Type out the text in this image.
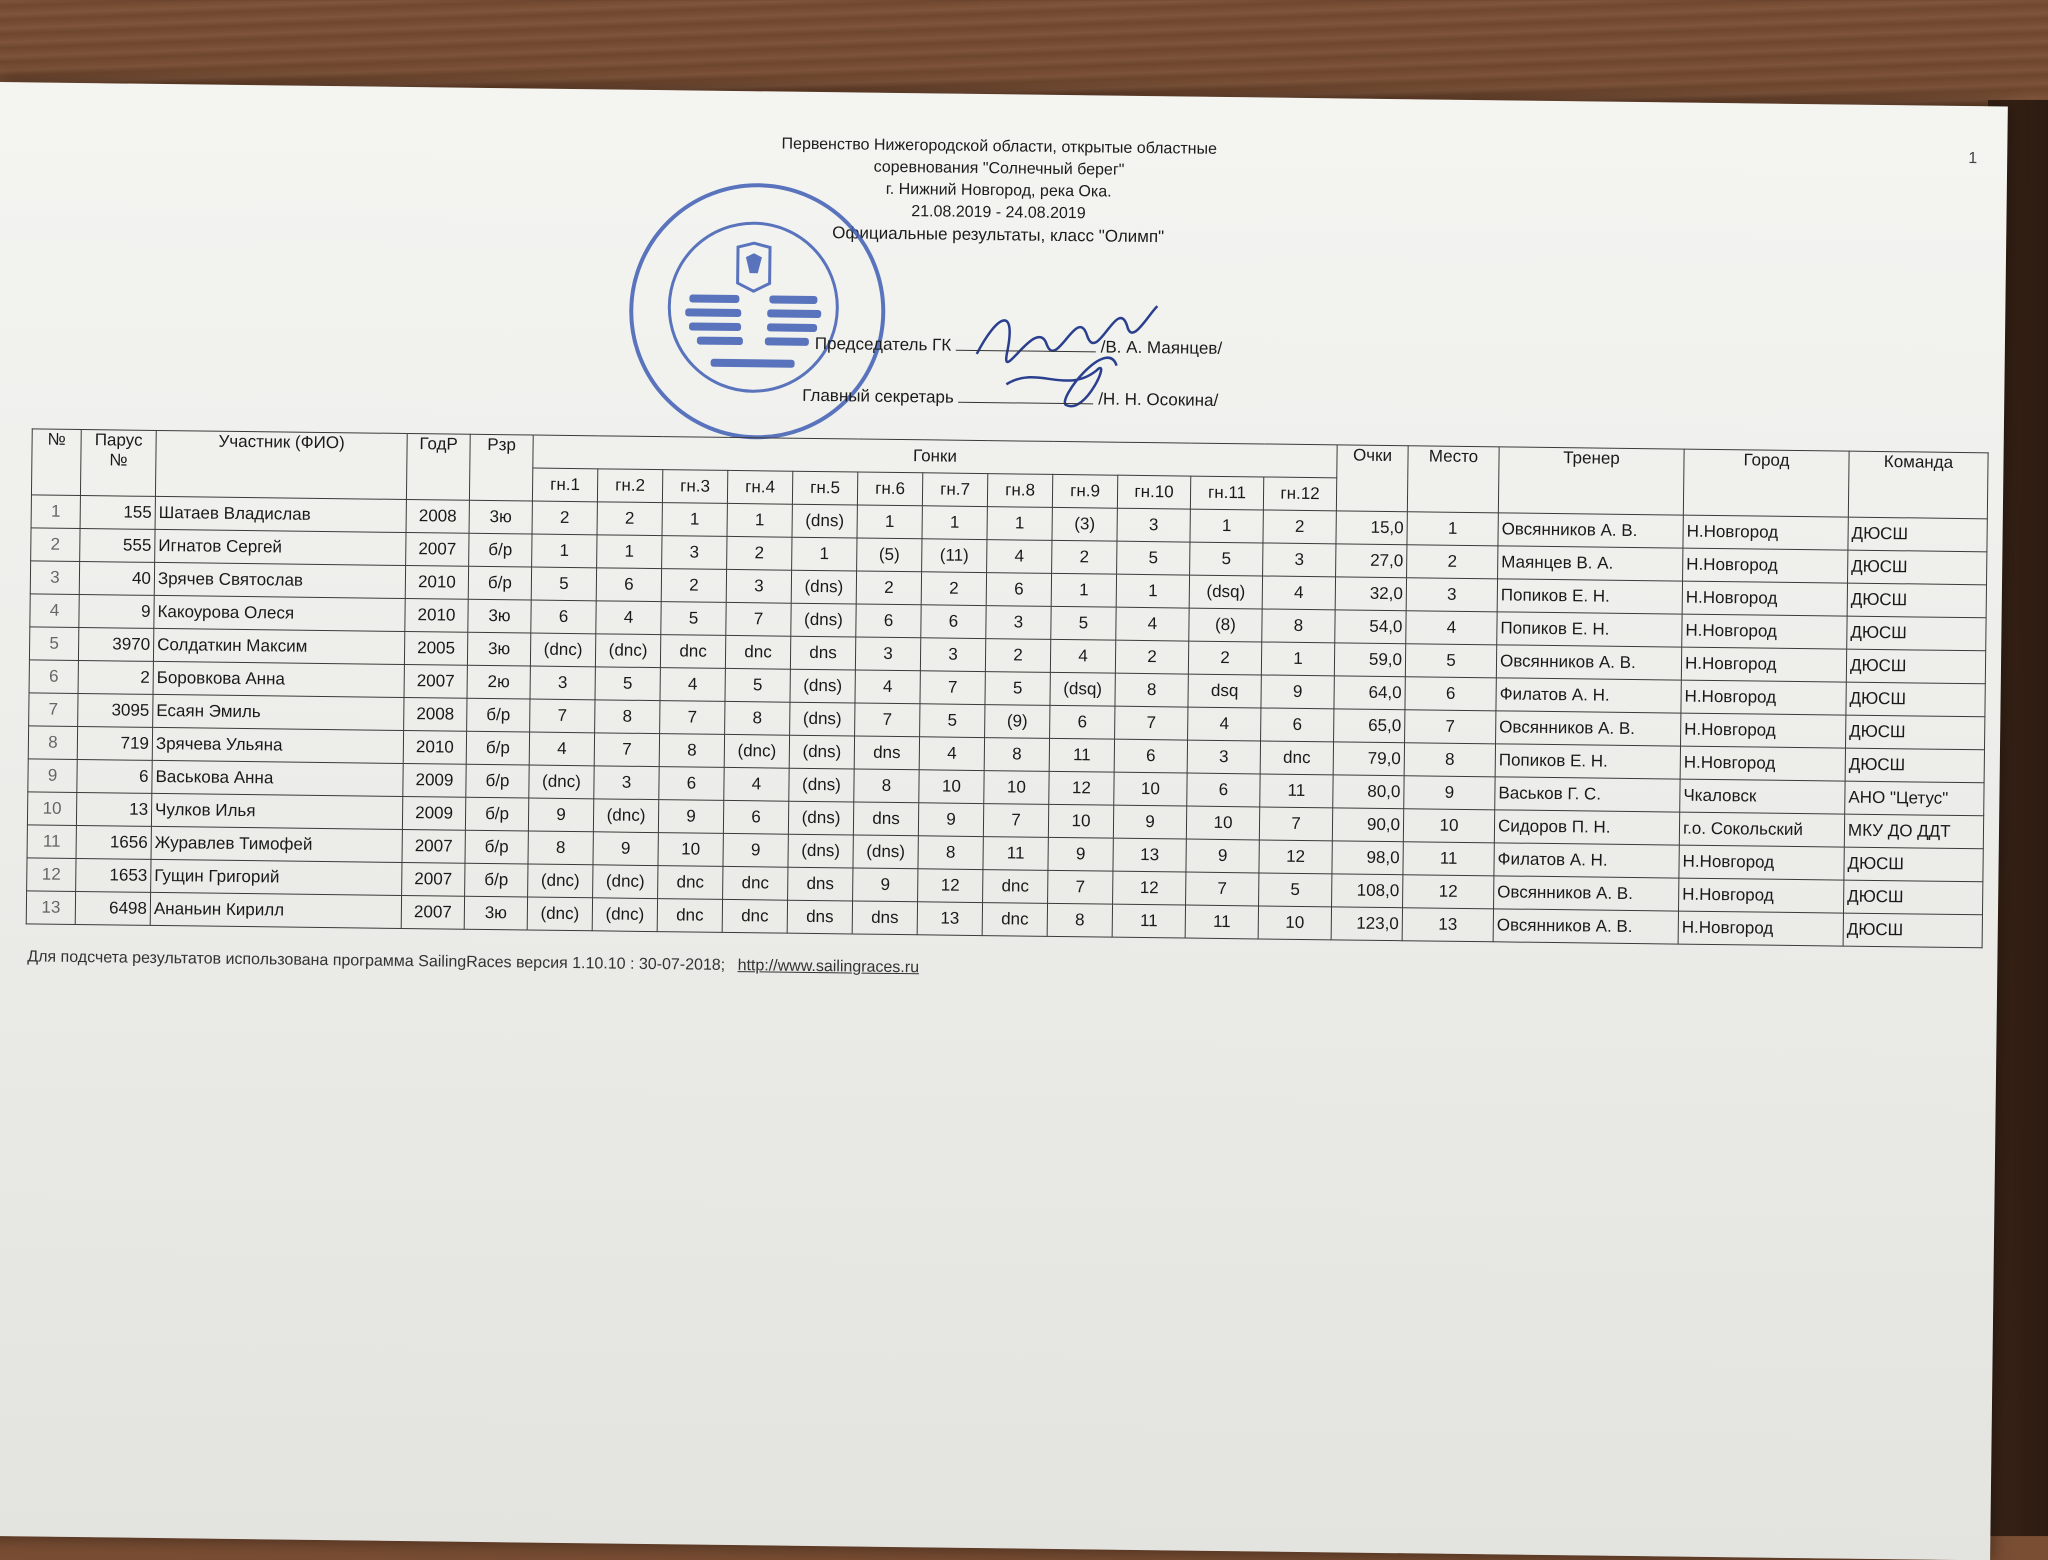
1
Первенство Нижегородской области, открытые областные
соревнования "Солнечный берег"
г. Нижний Новгород, река Ока.
21.08.2019 - 24.08.2019
Официальные результаты, класс "Олимп"
Председатель ГК	/В. А. Маянцев/
Главный секретарь	/Н. Н. Осокина/
№	Парус №	Участник (ФИО)	ГодР	Рзр	Гонки												Очки	Место	Тренер	Город	Команда
					гн.1	гн.2	гн.3	гн.4	гн.5	гн.6	гн.7	гн.8	гн.9	гн.10	гн.11	гн.12					
1	155	Шатаев Владислав	2008	3ю	2	2	1	1	(dns)	1	1	1	(3)	3	1	2	15,0	1	Овсянников А. В.	Н.Новгород	ДЮСШ
2	555	Игнатов Сергей	2007	б/р	1	1	3	2	1	(5)	(11)	4	2	5	5	3	27,0	2	Маянцев В. А.	Н.Новгород	ДЮСШ
3	40	Зрячев Святослав	2010	б/р	5	6	2	3	(dns)	2	2	6	1	1	(dsq)	4	32,0	3	Попиков Е. Н.	Н.Новгород	ДЮСШ
4	9	Какоурова Олеся	2010	3ю	6	4	5	7	(dns)	6	6	3	5	4	(8)	8	54,0	4	Попиков Е. Н.	Н.Новгород	ДЮСШ
5	3970	Солдаткин Максим	2005	3ю	(dnc)	(dnc)	dnc	dnc	dns	3	3	2	4	2	2	1	59,0	5	Овсянников А. В.	Н.Новгород	ДЮСШ
6	2	Боровкова Анна	2007	2ю	3	5	4	5	(dns)	4	7	5	(dsq)	8	dsq	9	64,0	6	Филатов А. Н.	Н.Новгород	ДЮСШ
7	3095	Есаян Эмиль	2008	б/р	7	8	7	8	(dns)	7	5	(9)	6	7	4	6	65,0	7	Овсянников А. В.	Н.Новгород	ДЮСШ
8	719	Зрячева Ульяна	2010	б/р	4	7	8	(dnc)	(dns)	dns	4	8	11	6	3	dnc	79,0	8	Попиков Е. Н.	Н.Новгород	ДЮСШ
9	6	Васькова Анна	2009	б/р	(dnc)	3	6	4	(dns)	8	10	10	12	10	6	11	80,0	9	Васьков Г. С.	Чкаловск	АНО "Цетус"
10	13	Чулков Илья	2009	б/р	9	(dnc)	9	6	(dns)	dns	9	7	10	9	10	7	90,0	10	Сидоров П. Н.	г.о. Сокольский	МКУ ДО ДДТ
11	1656	Журавлев Тимофей	2007	б/р	8	9	10	9	(dns)	(dns)	8	11	9	13	9	12	98,0	11	Филатов А. Н.	Н.Новгород	ДЮСШ
12	1653	Гущин Григорий	2007	б/р	(dnc)	(dnc)	dnc	dnc	dns	9	12	dnc	7	12	7	5	108,0	12	Овсянников А. В.	Н.Новгород	ДЮСШ
13	6498	Ананьин Кирилл	2007	3ю	(dnc)	(dnc)	dnc	dnc	dns	dns	13	dnc	8	11	11	10	123,0	13	Овсянников А. В.	Н.Новгород	ДЮСШ
Для подсчета результатов использована программа SailingRaces версия 1.10.10 : 30-07-2018; http://www.sailingraces.ru
